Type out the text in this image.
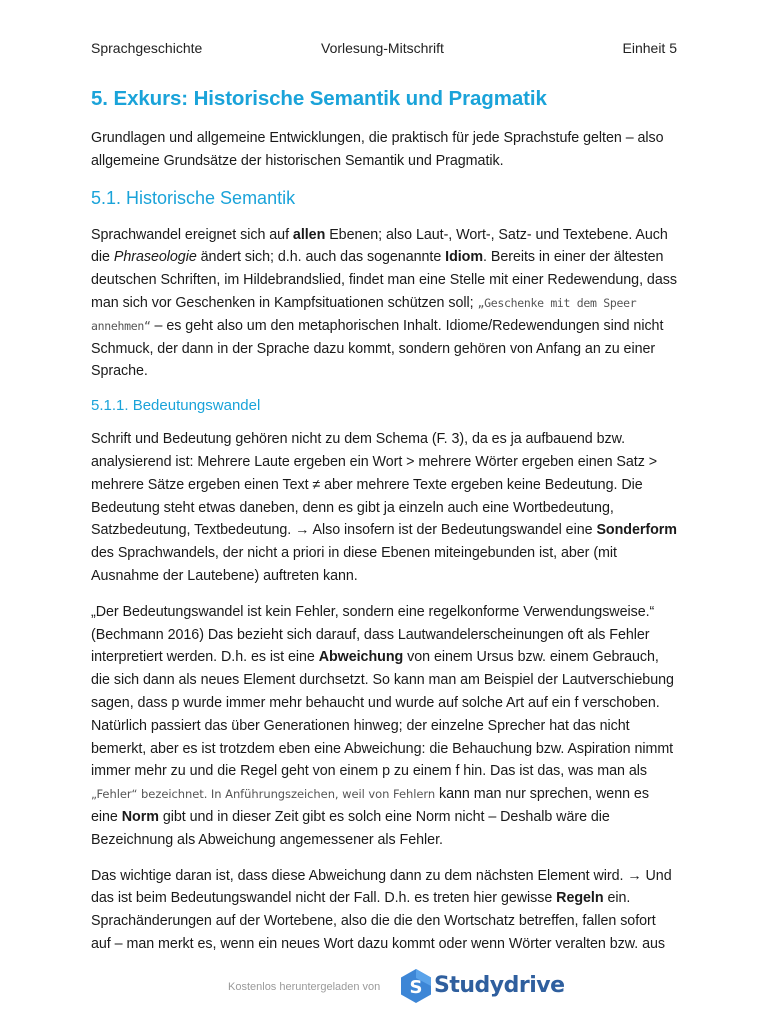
Sprachgeschichte	Vorlesung-Mitschrift	Einheit 5
5. Exkurs: Historische Semantik und Pragmatik

Grundlagen und allgemeine Entwicklungen, die praktisch für jede Sprachstufe gelten – also allgemeine Grundsätze der historischen Semantik und Pragmatik.

5.1. Historische Semantik

Sprachwandel ereignet sich auf allen Ebenen; also Laut-, Wort-, Satz- und Textebene. Auch die Phraseologie ändert sich; d.h. auch das sogenannte Idiom. Bereits in einer der ältesten deutschen Schriften, im Hildebrandslied, findet man eine Stelle mit einer Redewendung, dass man sich vor Geschenken in Kampfsituationen schützen soll; „Geschenke mit dem Speer annehmen“ – es geht also um den metaphorischen Inhalt. Idiome/Redewendungen sind nicht Schmuck, der dann in der Sprache dazu kommt, sondern gehören von Anfang an zu einer Sprache.

5.1.1. Bedeutungswandel

Schrift und Bedeutung gehören nicht zu dem Schema (F. 3), da es ja aufbauend bzw. analysierend ist: Mehrere Laute ergeben ein Wort > mehrere Wörter ergeben einen Satz > mehrere Sätze ergeben einen Text ≠ aber mehrere Texte ergeben keine Bedeutung. Die Bedeutung steht etwas daneben, denn es gibt ja einzeln auch eine Wortbedeutung, Satzbedeutung, Textbedeutung. → Also insofern ist der Bedeutungswandel eine Sonderform des Sprachwandels, der nicht a priori in diese Ebenen miteingebunden ist, aber (mit Ausnahme der Lautebene) auftreten kann.

„Der Bedeutungswandel ist kein Fehler, sondern eine regelkonforme Verwendungsweise.“ (Bechmann 2016) Das bezieht sich darauf, dass Lautwandelerscheinungen oft als Fehler interpretiert werden. D.h. es ist eine Abweichung von einem Ursus bzw. einem Gebrauch, die sich dann als neues Element durchsetzt. So kann man am Beispiel der Lautverschiebung sagen, dass p wurde immer mehr behaucht und wurde auf solche Art auf ein f verschoben. Natürlich passiert das über Generationen hinweg; der einzelne Sprecher hat das nicht bemerkt, aber es ist trotzdem eben eine Abweichung: die Behauchung bzw. Aspiration nimmt immer mehr zu und die Regel geht von einem p zu einem f hin. Das ist das, was man als „Fehler“ bezeichnet. In Anführungszeichen, weil von Fehlern kann man nur sprechen, wenn es eine Norm gibt und in dieser Zeit gibt es solch eine Norm nicht – Deshalb wäre die Bezeichnung als Abweichung angemessener als Fehler.

Das wichtige daran ist, dass diese Abweichung dann zu dem nächsten Element wird. → Und das ist beim Bedeutungswandel nicht der Fall. D.h. es treten hier gewisse Regeln ein. Sprachänderungen auf der Wortebene, also die die den Wortschatz betreffen, fallen sofort auf – man merkt es, wenn ein neues Wort dazu kommt oder wenn Wörter veralten bzw. aus

Kostenlos heruntergeladen von S Studydrive
